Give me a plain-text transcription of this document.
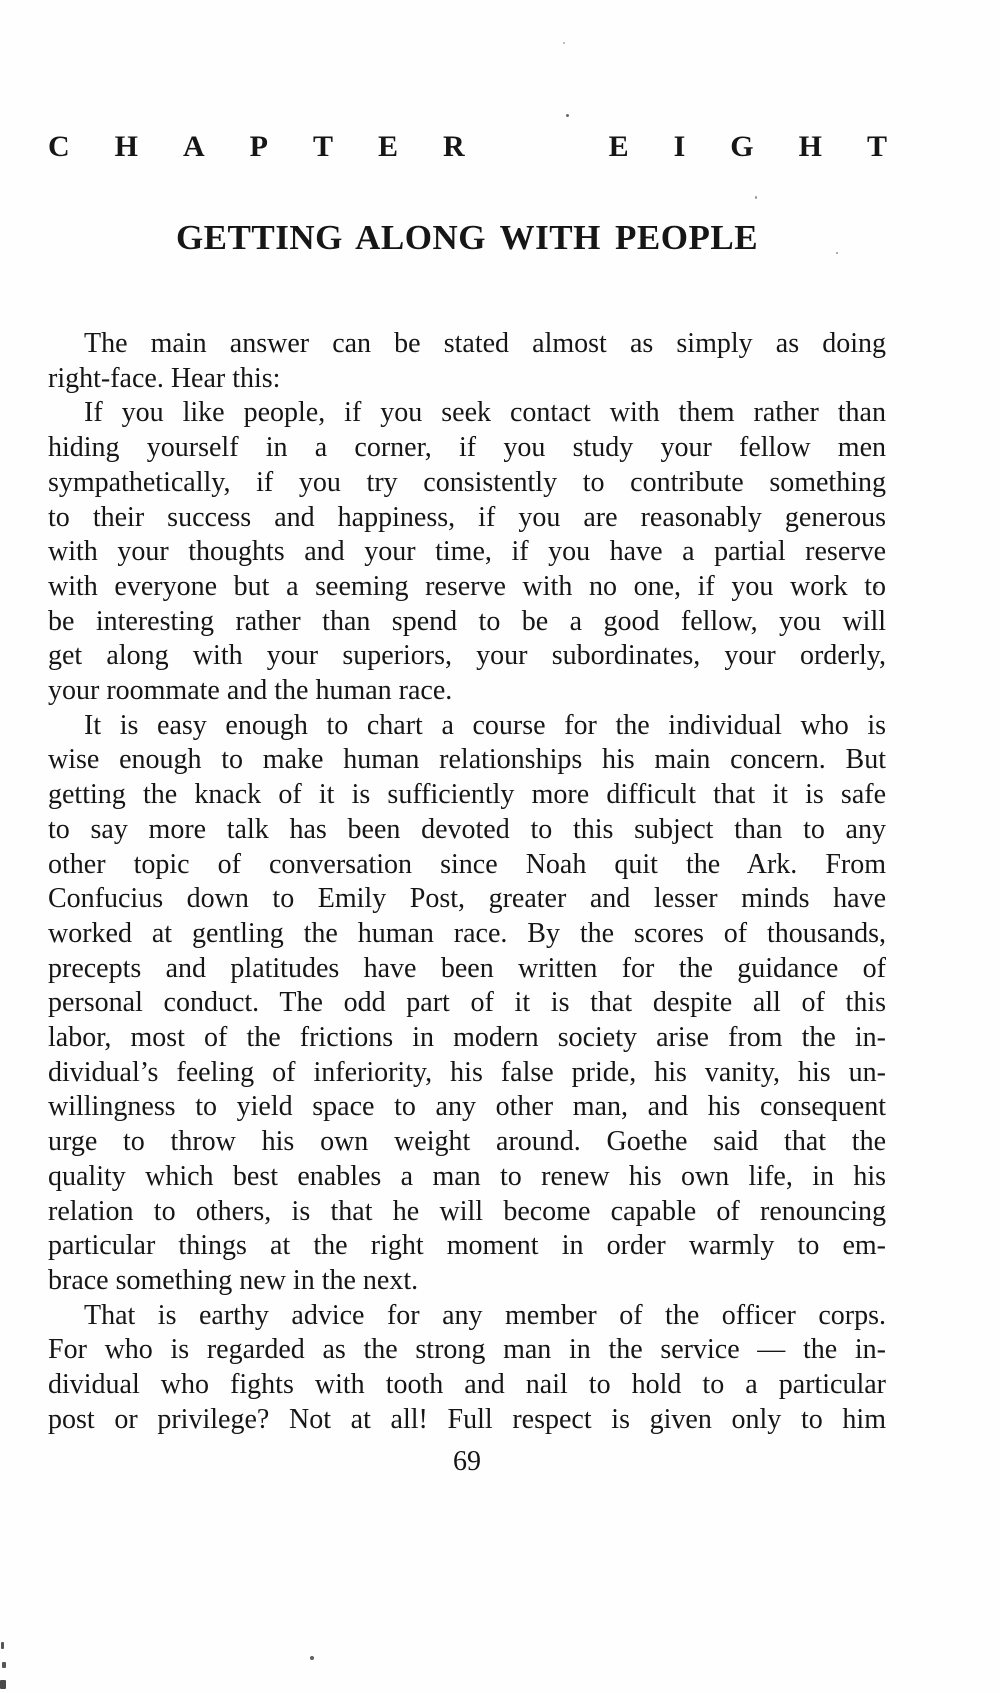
CHAPTER	EIGHT
GETTING ALONG WITH PEOPLE
The main answer can be stated almost as simply as doing
right-face. Hear this:
If you like people, if you seek contact with them rather than
hiding yourself in a corner, if you study your fellow men
sympathetically, if you try consistently to contribute something
to their success and happiness, if you are reasonably generous
with your thoughts and your time, if you have a partial reserve
with everyone but a seeming reserve with no one, if you work to
be interesting rather than spend to be a good fellow, you will
get along with your superiors, your subordinates, your orderly,
your roommate and the human race.
It is easy enough to chart a course for the individual who is
wise enough to make human relationships his main concern. But
getting the knack of it is sufficiently more difficult that it is safe
to say more talk has been devoted to this subject than to any
other topic of conversation since Noah quit the Ark. From
Confucius down to Emily Post, greater and lesser minds have
worked at gentling the human race. By the scores of thousands,
precepts and platitudes have been written for the guidance of
personal conduct. The odd part of it is that despite all of this
labor, most of the frictions in modern society arise from the in-
dividual’s feeling of inferiority, his false pride, his vanity, his un-
willingness to yield space to any other man, and his consequent
urge to throw his own weight around. Goethe said that the
quality which best enables a man to renew his own life, in his
relation to others, is that he will become capable of renouncing
particular things at the right moment in order warmly to em-
brace something new in the next.
That is earthy advice for any member of the officer corps.
For who is regarded as the strong man in the service — the in-
dividual who fights with tooth and nail to hold to a particular
post or privilege? Not at all! Full respect is given only to him
69
